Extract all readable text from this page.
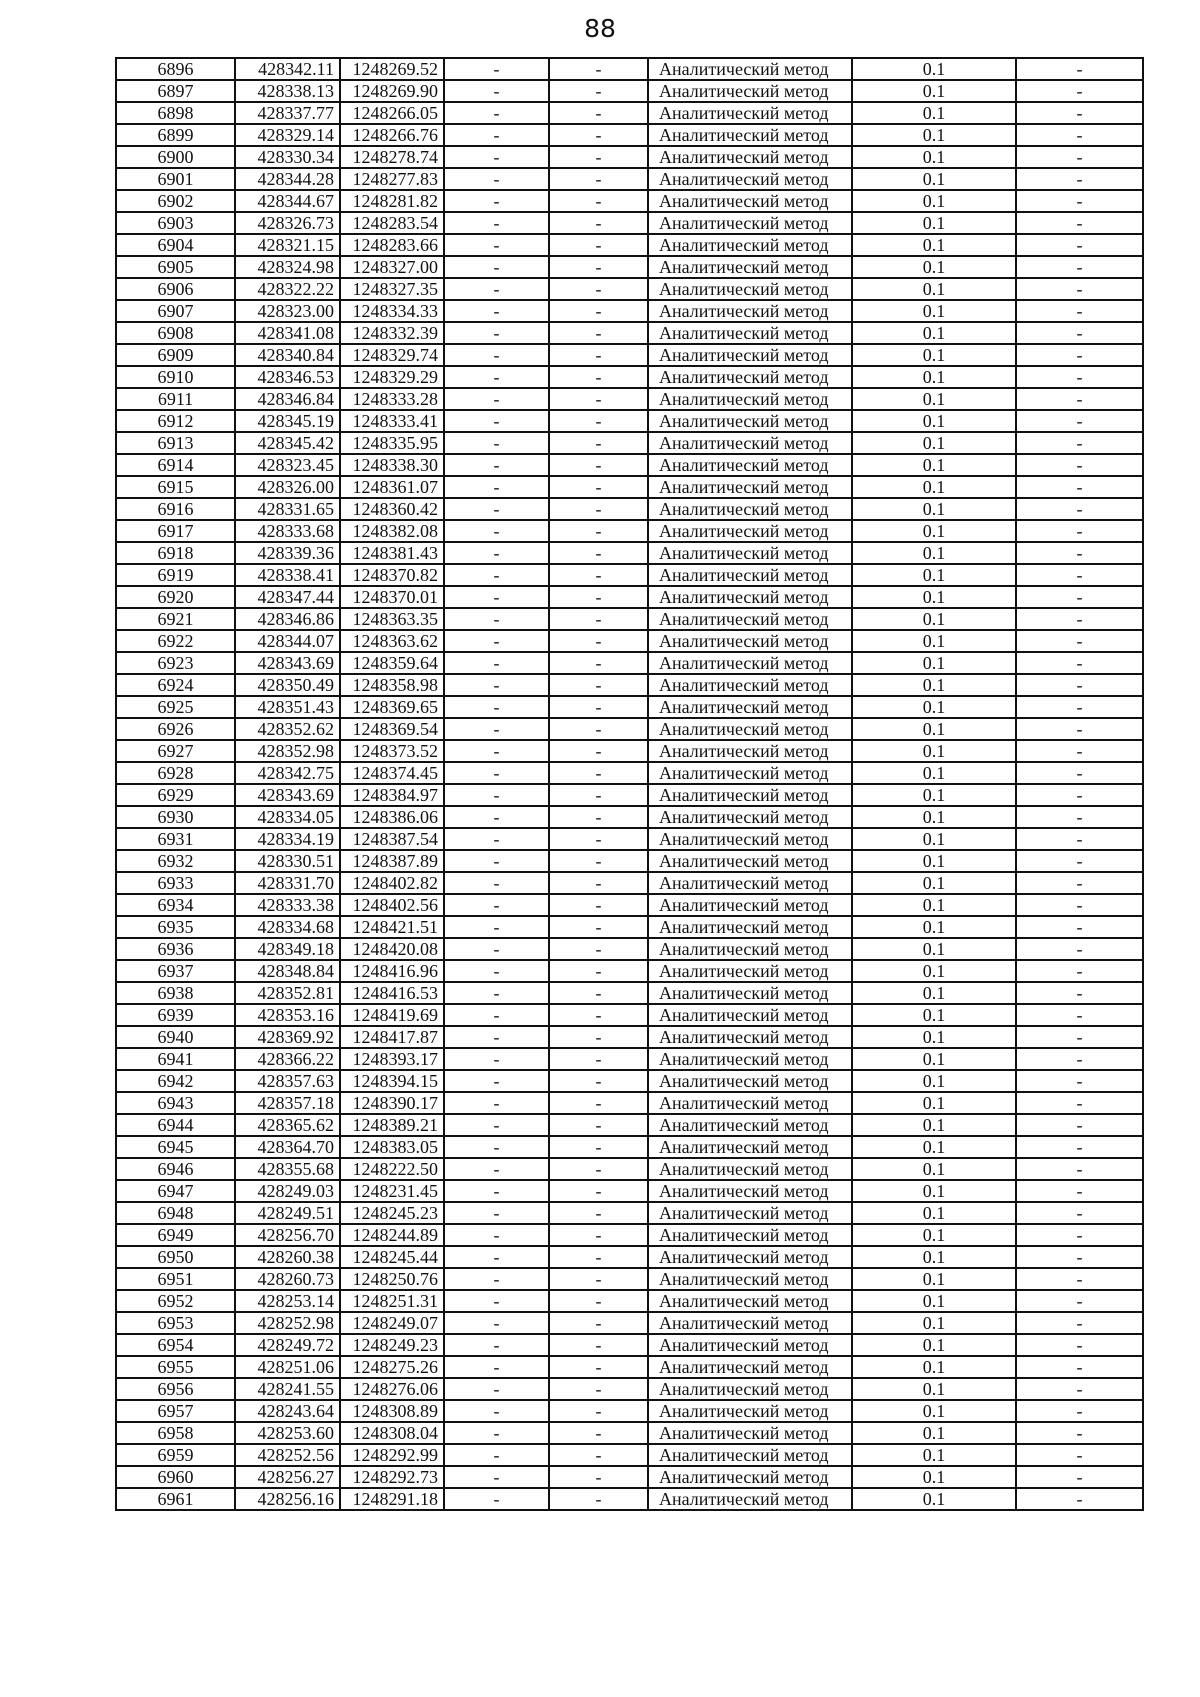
88
6896	428342.11	1248269.52	-	-	Аналитический метод	0.1	-
6897	428338.13	1248269.90	-	-	Аналитический метод	0.1	-
6898	428337.77	1248266.05	-	-	Аналитический метод	0.1	-
6899	428329.14	1248266.76	-	-	Аналитический метод	0.1	-
6900	428330.34	1248278.74	-	-	Аналитический метод	0.1	-
6901	428344.28	1248277.83	-	-	Аналитический метод	0.1	-
6902	428344.67	1248281.82	-	-	Аналитический метод	0.1	-
6903	428326.73	1248283.54	-	-	Аналитический метод	0.1	-
6904	428321.15	1248283.66	-	-	Аналитический метод	0.1	-
6905	428324.98	1248327.00	-	-	Аналитический метод	0.1	-
6906	428322.22	1248327.35	-	-	Аналитический метод	0.1	-
6907	428323.00	1248334.33	-	-	Аналитический метод	0.1	-
6908	428341.08	1248332.39	-	-	Аналитический метод	0.1	-
6909	428340.84	1248329.74	-	-	Аналитический метод	0.1	-
6910	428346.53	1248329.29	-	-	Аналитический метод	0.1	-
6911	428346.84	1248333.28	-	-	Аналитический метод	0.1	-
6912	428345.19	1248333.41	-	-	Аналитический метод	0.1	-
6913	428345.42	1248335.95	-	-	Аналитический метод	0.1	-
6914	428323.45	1248338.30	-	-	Аналитический метод	0.1	-
6915	428326.00	1248361.07	-	-	Аналитический метод	0.1	-
6916	428331.65	1248360.42	-	-	Аналитический метод	0.1	-
6917	428333.68	1248382.08	-	-	Аналитический метод	0.1	-
6918	428339.36	1248381.43	-	-	Аналитический метод	0.1	-
6919	428338.41	1248370.82	-	-	Аналитический метод	0.1	-
6920	428347.44	1248370.01	-	-	Аналитический метод	0.1	-
6921	428346.86	1248363.35	-	-	Аналитический метод	0.1	-
6922	428344.07	1248363.62	-	-	Аналитический метод	0.1	-
6923	428343.69	1248359.64	-	-	Аналитический метод	0.1	-
6924	428350.49	1248358.98	-	-	Аналитический метод	0.1	-
6925	428351.43	1248369.65	-	-	Аналитический метод	0.1	-
6926	428352.62	1248369.54	-	-	Аналитический метод	0.1	-
6927	428352.98	1248373.52	-	-	Аналитический метод	0.1	-
6928	428342.75	1248374.45	-	-	Аналитический метод	0.1	-
6929	428343.69	1248384.97	-	-	Аналитический метод	0.1	-
6930	428334.05	1248386.06	-	-	Аналитический метод	0.1	-
6931	428334.19	1248387.54	-	-	Аналитический метод	0.1	-
6932	428330.51	1248387.89	-	-	Аналитический метод	0.1	-
6933	428331.70	1248402.82	-	-	Аналитический метод	0.1	-
6934	428333.38	1248402.56	-	-	Аналитический метод	0.1	-
6935	428334.68	1248421.51	-	-	Аналитический метод	0.1	-
6936	428349.18	1248420.08	-	-	Аналитический метод	0.1	-
6937	428348.84	1248416.96	-	-	Аналитический метод	0.1	-
6938	428352.81	1248416.53	-	-	Аналитический метод	0.1	-
6939	428353.16	1248419.69	-	-	Аналитический метод	0.1	-
6940	428369.92	1248417.87	-	-	Аналитический метод	0.1	-
6941	428366.22	1248393.17	-	-	Аналитический метод	0.1	-
6942	428357.63	1248394.15	-	-	Аналитический метод	0.1	-
6943	428357.18	1248390.17	-	-	Аналитический метод	0.1	-
6944	428365.62	1248389.21	-	-	Аналитический метод	0.1	-
6945	428364.70	1248383.05	-	-	Аналитический метод	0.1	-
6946	428355.68	1248222.50	-	-	Аналитический метод	0.1	-
6947	428249.03	1248231.45	-	-	Аналитический метод	0.1	-
6948	428249.51	1248245.23	-	-	Аналитический метод	0.1	-
6949	428256.70	1248244.89	-	-	Аналитический метод	0.1	-
6950	428260.38	1248245.44	-	-	Аналитический метод	0.1	-
6951	428260.73	1248250.76	-	-	Аналитический метод	0.1	-
6952	428253.14	1248251.31	-	-	Аналитический метод	0.1	-
6953	428252.98	1248249.07	-	-	Аналитический метод	0.1	-
6954	428249.72	1248249.23	-	-	Аналитический метод	0.1	-
6955	428251.06	1248275.26	-	-	Аналитический метод	0.1	-
6956	428241.55	1248276.06	-	-	Аналитический метод	0.1	-
6957	428243.64	1248308.89	-	-	Аналитический метод	0.1	-
6958	428253.60	1248308.04	-	-	Аналитический метод	0.1	-
6959	428252.56	1248292.99	-	-	Аналитический метод	0.1	-
6960	428256.27	1248292.73	-	-	Аналитический метод	0.1	-
6961	428256.16	1248291.18	-	-	Аналитический метод	0.1	-
